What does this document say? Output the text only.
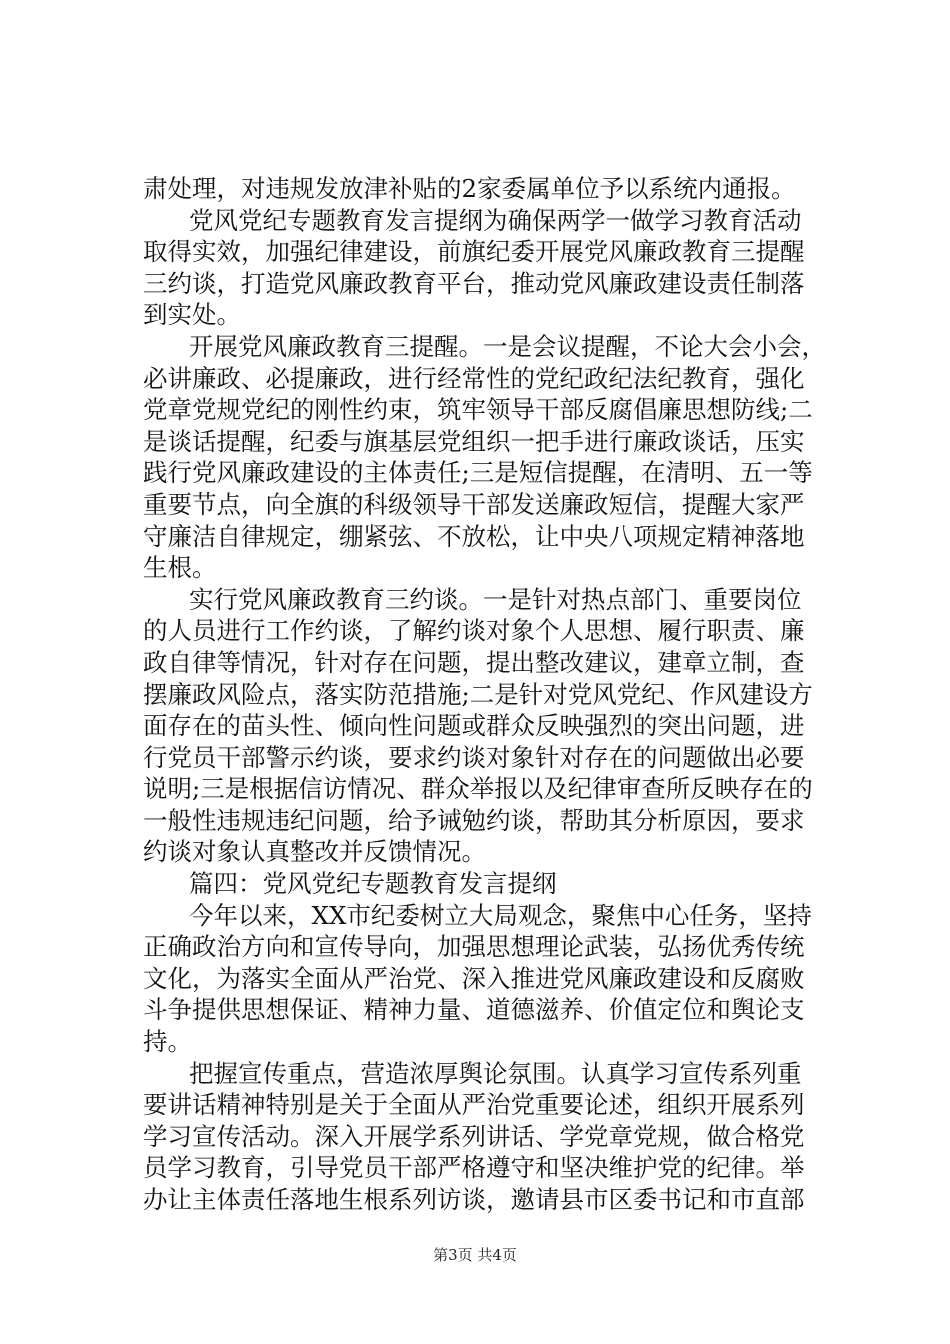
肃处理，对违规发放津补贴的2家委属单位予以系统内通报。
党风党纪专题教育发言提纲为确保两学一做学习教育活动
取得实效，加强纪律建设，前旗纪委开展党风廉政教育三提醒
三约谈，打造党风廉政教育平台，推动党风廉政建设责任制落
到实处。
开展党风廉政教育三提醒。一是会议提醒，不论大会小会，
必讲廉政、必提廉政，进行经常性的党纪政纪法纪教育，强化
党章党规党纪的刚性约束，筑牢领导干部反腐倡廉思想防线;二
是谈话提醒，纪委与旗基层党组织一把手进行廉政谈话，压实
践行党风廉政建设的主体责任;三是短信提醒，在清明、五一等
重要节点，向全旗的科级领导干部发送廉政短信，提醒大家严
守廉洁自律规定，绷紧弦、不放松，让中央八项规定精神落地
生根。
实行党风廉政教育三约谈。一是针对热点部门、重要岗位
的人员进行工作约谈，了解约谈对象个人思想、履行职责、廉
政自律等情况，针对存在问题，提出整改建议，建章立制，查
摆廉政风险点，落实防范措施;二是针对党风党纪、作风建设方
面存在的苗头性、倾向性问题或群众反映强烈的突出问题，进
行党员干部警示约谈，要求约谈对象针对存在的问题做出必要
说明;三是根据信访情况、群众举报以及纪律审查所反映存在的
一般性违规违纪问题，给予诫勉约谈，帮助其分析原因，要求
约谈对象认真整改并反馈情况。
篇四：党风党纪专题教育发言提纲
今年以来，XX市纪委树立大局观念，聚焦中心任务，坚持
正确政治方向和宣传导向，加强思想理论武装，弘扬优秀传统
文化，为落实全面从严治党、深入推进党风廉政建设和反腐败
斗争提供思想保证、精神力量、道德滋养、价值定位和舆论支
持。
把握宣传重点，营造浓厚舆论氛围。认真学习宣传系列重
要讲话精神特别是关于全面从严治党重要论述，组织开展系列
学习宣传活动。深入开展学系列讲话、学党章党规，做合格党
员学习教育，引导党员干部严格遵守和坚决维护党的纪律。举
办让主体责任落地生根系列访谈，邀请县市区委书记和市直部
第3页 共4页
